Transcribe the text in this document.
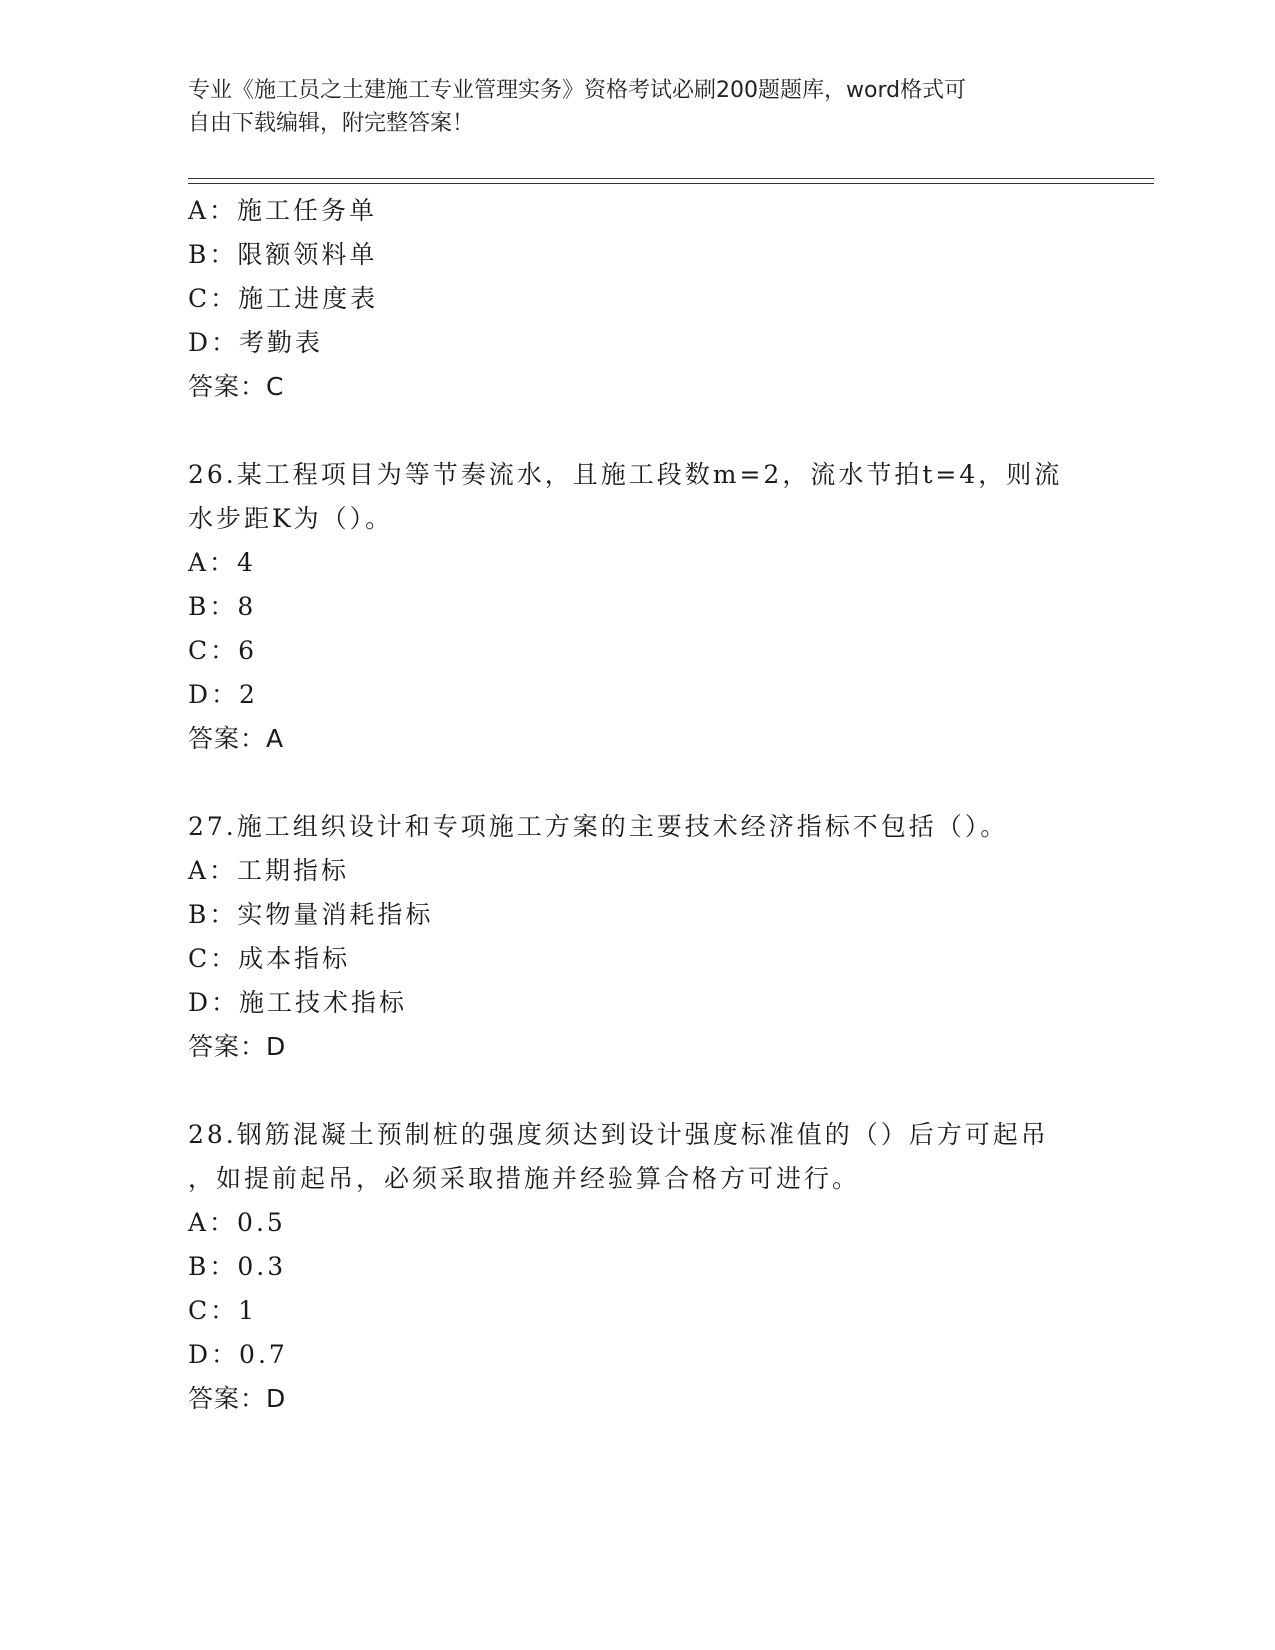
专业《施工员之土建施工专业管理实务》资格考试必刷200题题库，word格式可
自由下载编辑，附完整答案！
A：施工任务单
B：限额领料单
C：施工进度表
D：考勤表
答案：C
26.某工程项目为等节奏流水，且施工段数m=2，流水节拍t=4，则流
水步距K为（）。
A：4
B：8
C：6
D：2
答案：A
27.施工组织设计和专项施工方案的主要技术经济指标不包括（）。
A：工期指标
B：实物量消耗指标
C：成本指标
D：施工技术指标
答案：D
28.钢筋混凝土预制桩的强度须达到设计强度标准值的（）后方可起吊
，如提前起吊，必须采取措施并经验算合格方可进行。
A：0.5
B：0.3
C：1
D：0.7
答案：D
